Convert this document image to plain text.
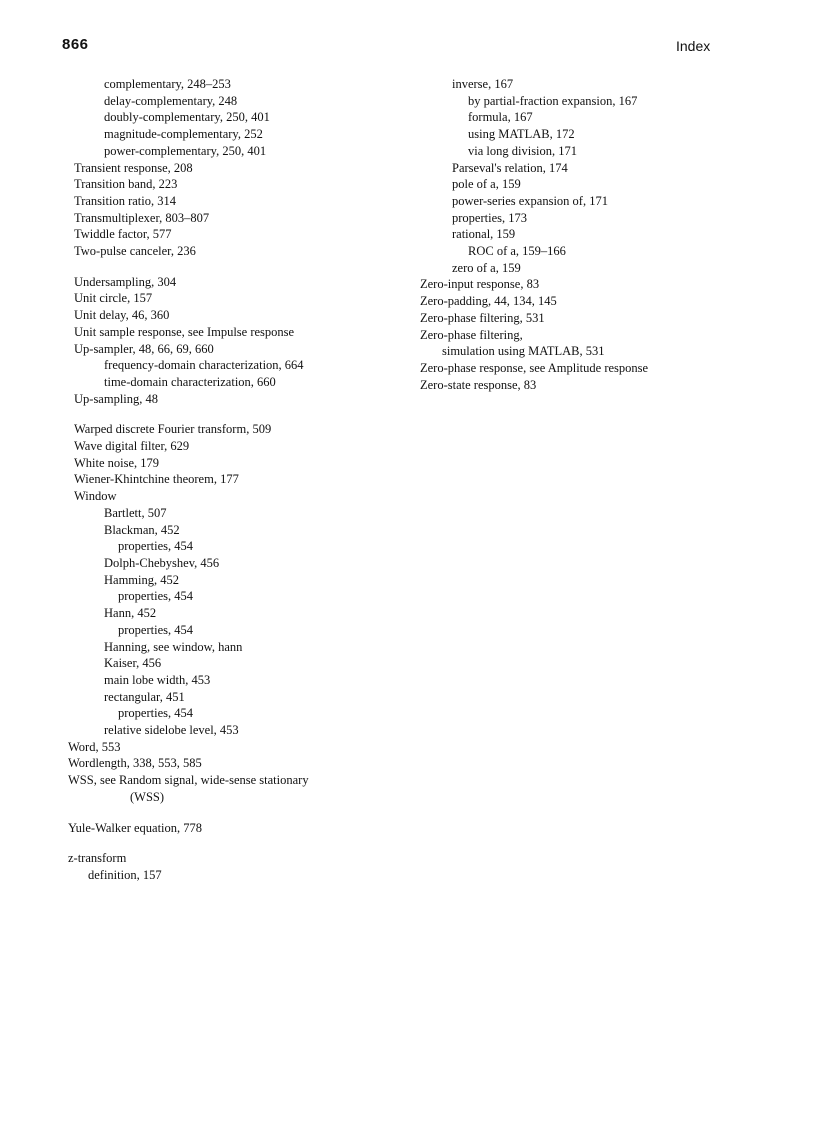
866	Index
complementary, 248–253
delay-complementary, 248
doubly-complementary, 250, 401
magnitude-complementary, 252
power-complementary, 250, 401
Transient response, 208
Transition band, 223
Transition ratio, 314
Transmultiplexer, 803–807
Twiddle factor, 577
Two-pulse canceler, 236
Undersampling, 304
Unit circle, 157
Unit delay, 46, 360
Unit sample response, see Impulse response
Up-sampler, 48, 66, 69, 660
frequency-domain characterization, 664
time-domain characterization, 660
Up-sampling, 48
Warped discrete Fourier transform, 509
Wave digital filter, 629
White noise, 179
Wiener-Khintchine theorem, 177
Window
Bartlett, 507
Blackman, 452
properties, 454
Dolph-Chebyshev, 456
Hamming, 452
properties, 454
Hann, 452
properties, 454
Hanning, see window, hann
Kaiser, 456
main lobe width, 453
rectangular, 451
properties, 454
relative sidelobe level, 453
Word, 553
Wordlength, 338, 553, 585
WSS, see Random signal, wide-sense stationary
(WSS)
Yule-Walker equation, 778
z-transform
definition, 157
inverse, 167
by partial-fraction expansion, 167
formula, 167
using MATLAB, 172
via long division, 171
Parseval's relation, 174
pole of a, 159
power-series expansion of, 171
properties, 173
rational, 159
ROC of a, 159–166
zero of a, 159
Zero-input response, 83
Zero-padding, 44, 134, 145
Zero-phase filtering, 531
Zero-phase filtering,
simulation using MATLAB, 531
Zero-phase response, see Amplitude response
Zero-state response, 83
